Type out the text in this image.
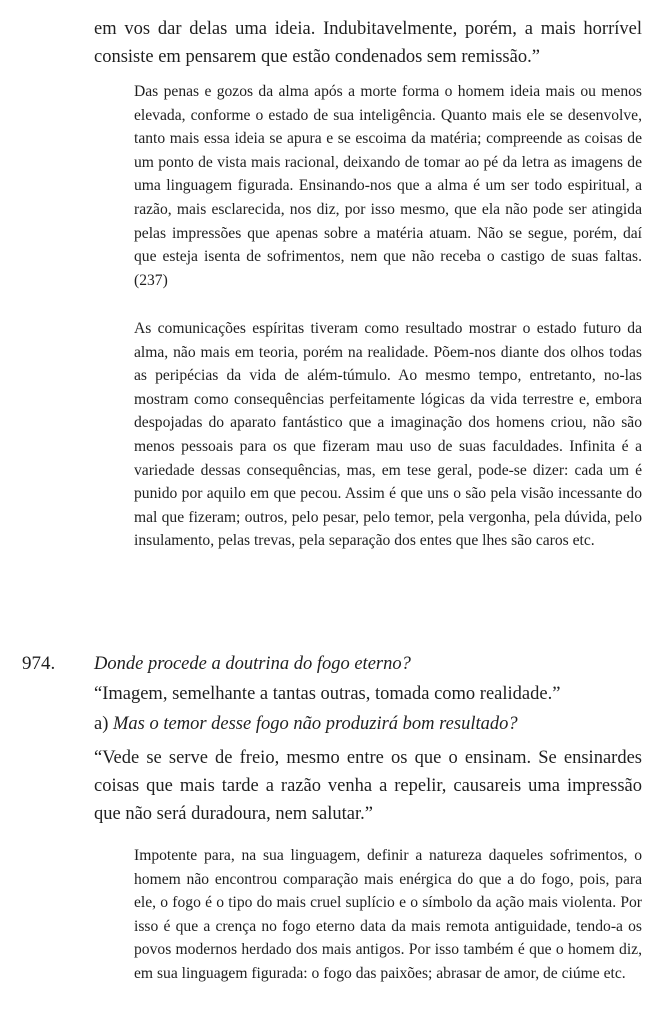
em vos dar delas uma ideia. Indubitavelmente, porém, a mais horrível consiste em pensarem que estão condenados sem remissão.”

Das penas e gozos da alma após a morte forma o homem ideia mais ou menos elevada, conforme o estado de sua inteligência. Quanto mais ele se desenvolve, tanto mais essa ideia se apura e se escoima da matéria; compreende as coisas de um ponto de vista mais racional, deixando de tomar ao pé da letra as imagens de uma linguagem figurada. Ensinando-nos que a alma é um ser todo espiritual, a razão, mais esclarecida, nos diz, por isso mesmo, que ela não pode ser atingida pelas impressões que apenas sobre a matéria atuam. Não se segue, porém, daí que esteja isenta de sofrimentos, nem que não receba o castigo de suas faltas. (237)

As comunicações espíritas tiveram como resultado mostrar o estado futuro da alma, não mais em teoria, porém na realidade. Põem-nos diante dos olhos todas as peripécias da vida de além-túmulo. Ao mesmo tempo, entretanto, no-las mostram como consequências perfeitamente lógicas da vida terrestre e, embora despojadas do aparato fantástico que a imaginação dos homens criou, não são menos pessoais para os que fizeram mau uso de suas faculdades. Infinita é a variedade dessas consequências, mas, em tese geral, pode-se dizer: cada um é punido por aquilo em que pecou. Assim é que uns o são pela visão incessante do mal que fizeram; outros, pelo pesar, pelo temor, pela vergonha, pela dúvida, pelo insulamento, pelas trevas, pela separação dos entes que lhes são caros etc.

974. Donde procede a doutrina do fogo eterno?

“Imagem, semelhante a tantas outras, tomada como realidade.”

a) Mas o temor desse fogo não produzirá bom resultado?

“Vede se serve de freio, mesmo entre os que o ensinam. Se ensinardes coisas que mais tarde a razão venha a repelir, causareis uma impressão que não será duradoura, nem salutar.”

Impotente para, na sua linguagem, definir a natureza daqueles sofrimentos, o homem não encontrou comparação mais enérgica do que a do fogo, pois, para ele, o fogo é o tipo do mais cruel suplício e o símbolo da ação mais violenta. Por isso é que a crença no fogo eterno data da mais remota antiguidade, tendo-a os povos modernos herdado dos mais antigos. Por isso também é que o homem diz, em sua linguagem figurada: o fogo das paixões; abrasar de amor, de ciúme etc.
